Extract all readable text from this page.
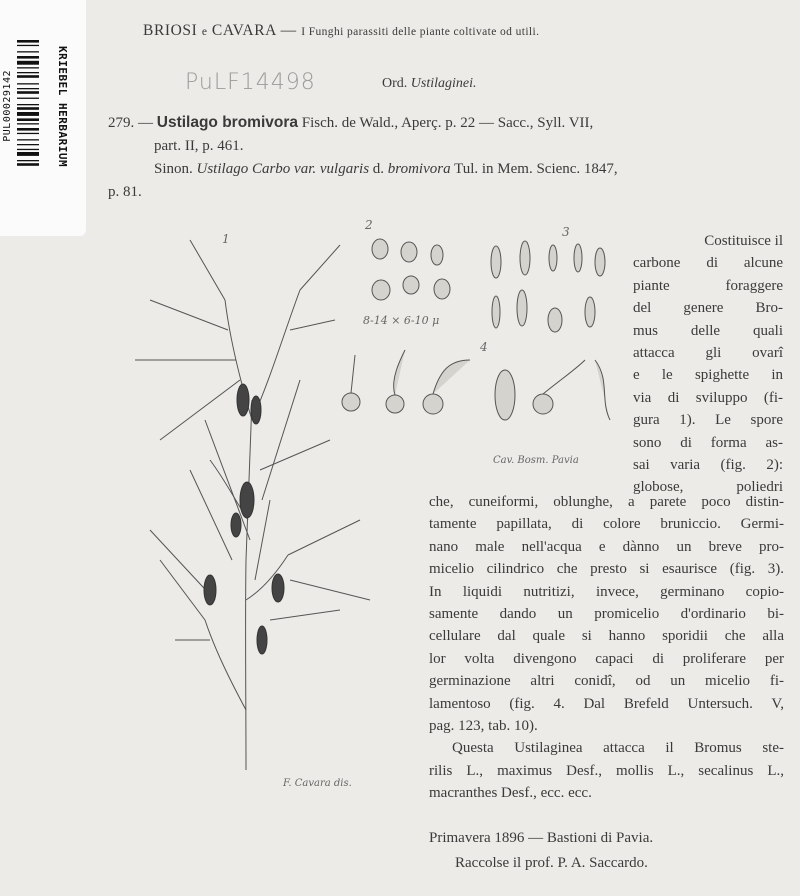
KRIEBEL HERBARIUM
PUL00029142
BRIOSI e CAVARA — I Funghi parassiti delle piante coltivate od utili.
PuLF14498	Ord. Ustilaginei.
279. — Ustilago bromivora Fisch. de Wald., Aperç. p. 22 — Sacc., Syll. VII,
part. II, p. 461.
Sinon. Ustilago Carbo var. vulgaris d. bromivora Tul. in Mem. Scienc. 1847,
p. 81.
2
1	3
4
8-14 × 6-10 μ
Cav. Bosm. Pavia
F. Cavara dis.
Costituisce il
carbone di alcune
piante foraggere
del genere Bro-
mus delle quali
attacca gli ovarî
e le spighette in
via di sviluppo (fi-
gura 1). Le spore
sono di forma as-
sai varia (fig. 2):
globose, poliedri
che, cuneiformi, oblunghe, a parete poco distin-
tamente papillata, di colore bruniccio. Germi-
nano male nell'acqua e dànno un breve pro-
micelio cilindrico che presto si esaurisce (fig. 3).
In liquidi nutritizi, invece, germinano copio-
samente dando un promicelio d'ordinario bi-
cellulare dal quale si hanno sporidii che alla
lor volta divengono capaci di proliferare per
germinazione altri conidî, od un micelio fi-
lamentoso (fig. 4. Dal Brefeld Untersuch. V,
pag. 123, tab. 10).
Questa Ustilaginea attacca il Bromus ste-
rilis L., maximus Desf., mollis L., secalinus L.,
macranthes Desf., ecc. ecc.
Primavera 1896 — Bastioni di Pavia.
Raccolse il prof. P. A. Saccardo.
